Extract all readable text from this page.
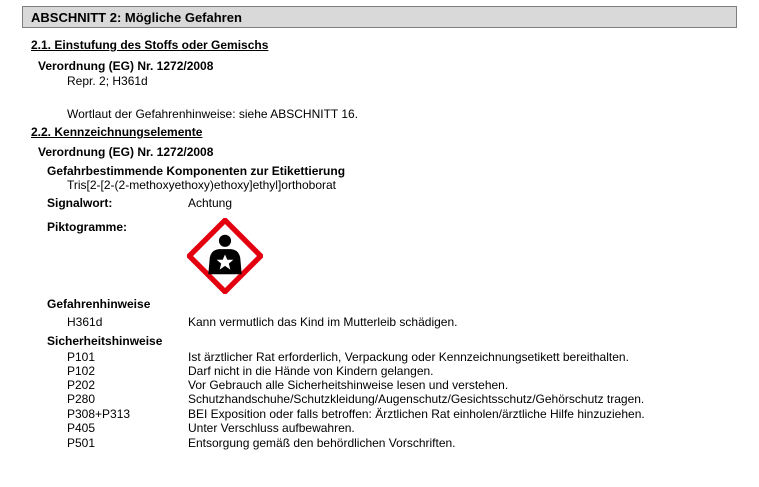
ABSCHNITT 2: Mögliche Gefahren
2.1. Einstufung des Stoffs oder Gemischs
Verordnung (EG) Nr. 1272/2008
Repr. 2; H361d
Wortlaut der Gefahrenhinweise: siehe ABSCHNITT 16.
2.2. Kennzeichnungselemente
Verordnung (EG) Nr. 1272/2008
Gefahrbestimmende Komponenten zur Etikettierung
Tris[2-[2-(2-methoxyethoxy)ethoxy]ethyl]orthoborat
Signalwort:	Achtung
Piktogramme:
Gefahrenhinweise
H361d	Kann vermutlich das Kind im Mutterleib schädigen.
Sicherheitshinweise
P101	Ist ärztlicher Rat erforderlich, Verpackung oder Kennzeichnungsetikett bereithalten.
P102	Darf nicht in die Hände von Kindern gelangen.
P202	Vor Gebrauch alle Sicherheitshinweise lesen und verstehen.
P280	Schutzhandschuhe/Schutzkleidung/Augenschutz/Gesichtsschutz/Gehörschutz tragen.
P308+P313	BEI Exposition oder falls betroffen: Ärztlichen Rat einholen/ärztliche Hilfe hinzuziehen.
P405	Unter Verschluss aufbewahren.
P501	Entsorgung gemäß den behördlichen Vorschriften.
